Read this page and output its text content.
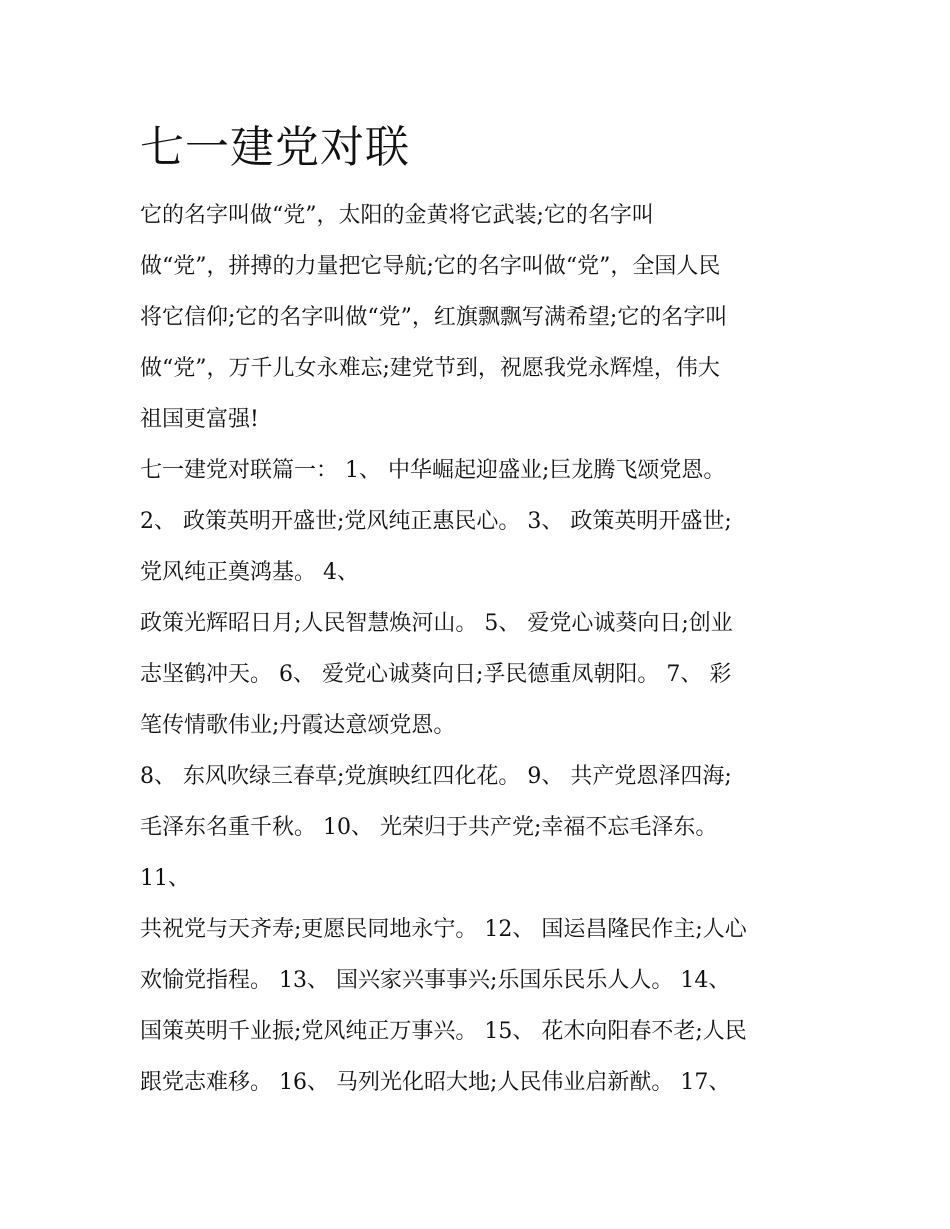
七一建党对联
它的名字叫做“党”，太阳的金黄将它武装;它的名字叫
做“党”，拼搏的力量把它导航;它的名字叫做“党”，全国人民
将它信仰;它的名字叫做“党”，红旗飘飘写满希望;它的名字叫
做“党”，万千儿女永难忘;建党节到，祝愿我党永辉煌，伟大
祖国更富强!
七一建党对联篇一： 1、 中华崛起迎盛业;巨龙腾飞颂党恩。
2、 政策英明开盛世;党风纯正惠民心。 3、 政策英明开盛世;
党风纯正奠鸿基。 4、
政策光辉昭日月;人民智慧焕河山。 5、 爱党心诚葵向日;创业
志坚鹤冲天。 6、 爱党心诚葵向日;孚民德重凤朝阳。 7、 彩
笔传情歌伟业;丹霞达意颂党恩。
8、 东风吹绿三春草;党旗映红四化花。 9、 共产党恩泽四海;
毛泽东名重千秋。 10、 光荣归于共产党;幸福不忘毛泽东。
11、
共祝党与天齐寿;更愿民同地永宁。 12、 国运昌隆民作主;人心
欢愉党指程。 13、 国兴家兴事事兴;乐国乐民乐人人。 14、
国策英明千业振;党风纯正万事兴。 15、 花木向阳春不老;人民
跟党志难移。 16、 马列光化昭大地;人民伟业启新猷。 17、
